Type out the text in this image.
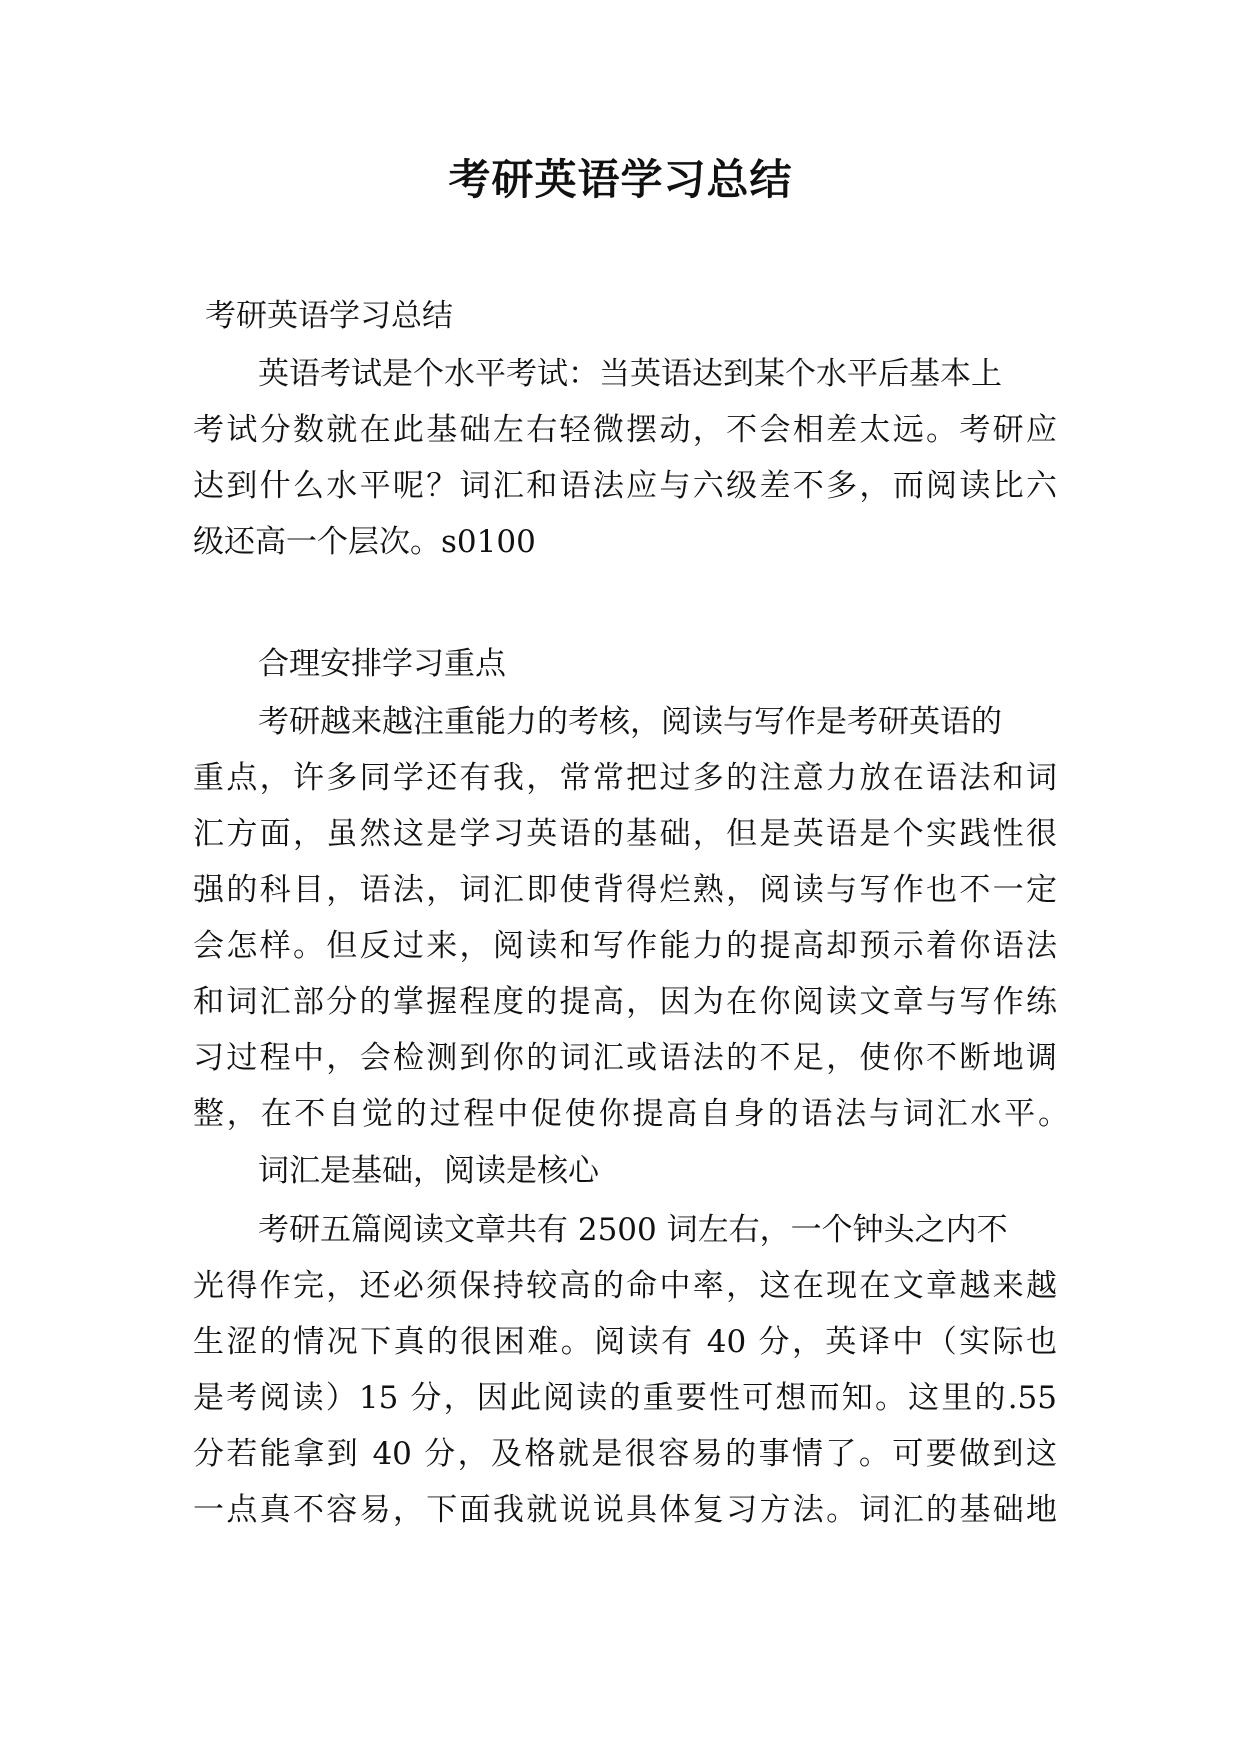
考研英语学习总结
考研英语学习总结
英语考试是个水平考试：当英语达到某个水平后基本上
考试分数就在此基础左右轻微摆动，不会相差太远。考研应
达到什么水平呢？词汇和语法应与六级差不多，而阅读比六
级还高一个层次。s0100
合理安排学习重点
考研越来越注重能力的考核，阅读与写作是考研英语的
重点，许多同学还有我，常常把过多的注意力放在语法和词
汇方面，虽然这是学习英语的基础，但是英语是个实践性很
强的科目，语法，词汇即使背得烂熟，阅读与写作也不一定
会怎样。但反过来，阅读和写作能力的提高却预示着你语法
和词汇部分的掌握程度的提高，因为在你阅读文章与写作练
习过程中，会检测到你的词汇或语法的不足，使你不断地调
整，在不自觉的过程中促使你提高自身的语法与词汇水平。
词汇是基础，阅读是核心
考研五篇阅读文章共有 2500 词左右，一个钟头之内不
光得作完，还必须保持较高的命中率，这在现在文章越来越
生涩的情况下真的很困难。阅读有 40 分，英译中（实际也
是考阅读）15 分，因此阅读的重要性可想而知。这里的.55
分若能拿到 40 分，及格就是很容易的事情了。可要做到这
一点真不容易，下面我就说说具体复习方法。词汇的基础地
